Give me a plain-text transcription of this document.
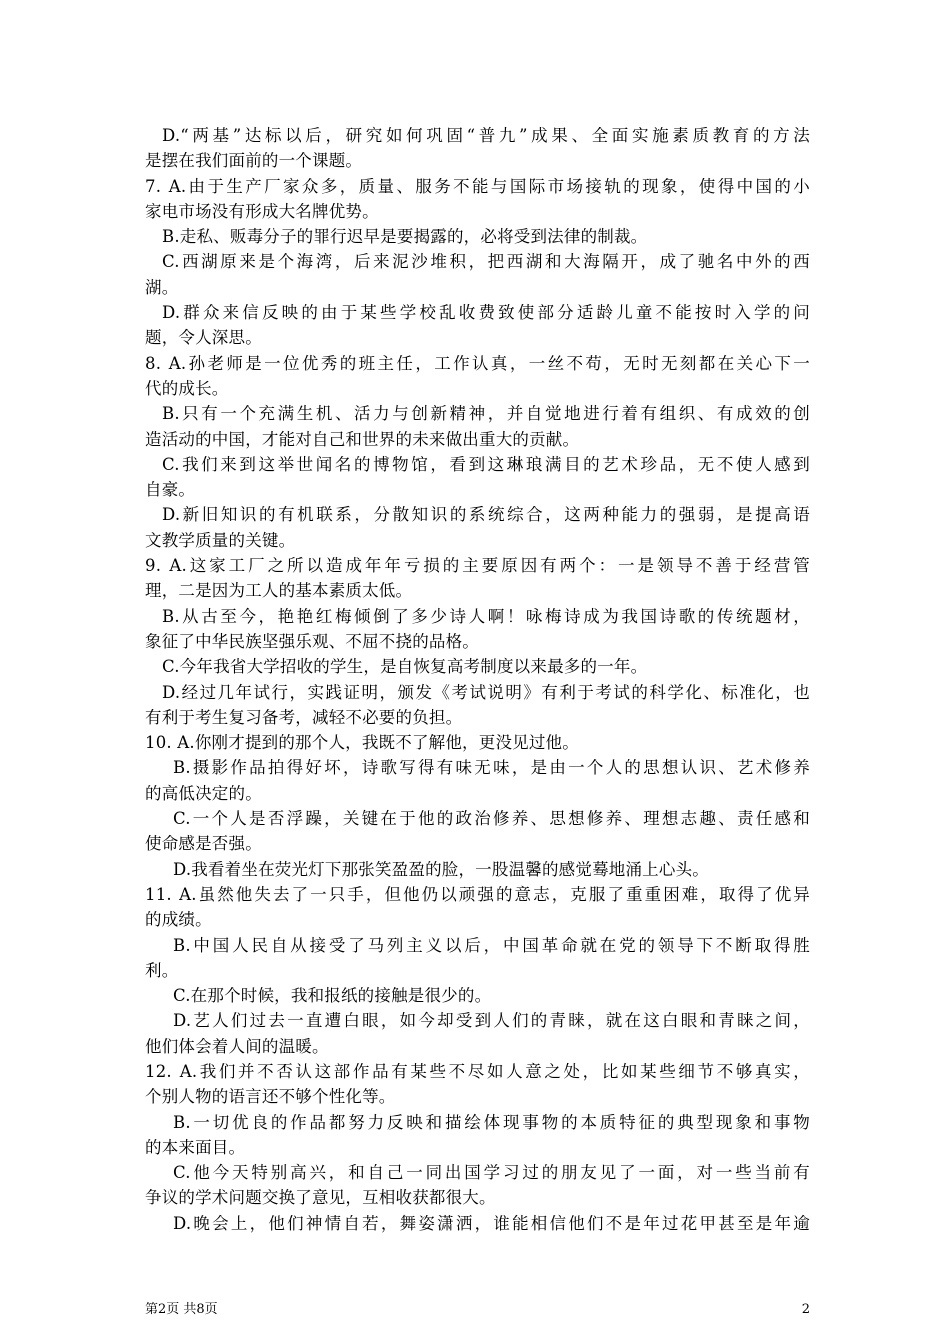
D.“两基”达标以后，研究如何巩固“普九”成果、全面实施素质教育的方法
是摆在我们面前的一个课题。
7. A.由于生产厂家众多，质量、服务不能与国际市场接轨的现象，使得中国的小
家电市场没有形成大名牌优势。
B.走私、贩毒分子的罪行迟早是要揭露的，必将受到法律的制裁。
C.西湖原来是个海湾，后来泥沙堆积，把西湖和大海隔开，成了驰名中外的西
湖。
D.群众来信反映的由于某些学校乱收费致使部分适龄儿童不能按时入学的问
题，令人深思。
8. A.孙老师是一位优秀的班主任，工作认真，一丝不苟，无时无刻都在关心下一
代的成长。
B.只有一个充满生机、活力与创新精神，并自觉地进行着有组织、有成效的创
造活动的中国，才能对自己和世界的未来做出重大的贡献。
C.我们来到这举世闻名的博物馆，看到这琳琅满目的艺术珍品，无不使人感到
自豪。
D.新旧知识的有机联系，分散知识的系统综合，这两种能力的强弱，是提高语
文教学质量的关键。
9. A.这家工厂之所以造成年年亏损的主要原因有两个：一是领导不善于经营管
理，二是因为工人的基本素质太低。
B.从古至今，艳艳红梅倾倒了多少诗人啊！咏梅诗成为我国诗歌的传统题材，
象征了中华民族坚强乐观、不屈不挠的品格。
C.今年我省大学招收的学生，是自恢复高考制度以来最多的一年。
D.经过几年试行，实践证明，颁发《考试说明》有利于考试的科学化、标准化，也
有利于考生复习备考，减轻不必要的负担。
10. A.你刚才提到的那个人，我既不了解他，更没见过他。
B.摄影作品拍得好坏，诗歌写得有味无味，是由一个人的思想认识、艺术修养
的高低决定的。
C.一个人是否浮躁，关键在于他的政治修养、思想修养、理想志趣、责任感和
使命感是否强。
D.我看着坐在荧光灯下那张笑盈盈的脸，一股温馨的感觉蓦地涌上心头。
11. A.虽然他失去了一只手，但他仍以顽强的意志，克服了重重困难，取得了优异
的成绩。
B.中国人民自从接受了马列主义以后，中国革命就在党的领导下不断取得胜
利。
C.在那个时候，我和报纸的接触是很少的。
D.艺人们过去一直遭白眼，如今却受到人们的青睐，就在这白眼和青睐之间，
他们体会着人间的温暖。
12. A.我们并不否认这部作品有某些不尽如人意之处，比如某些细节不够真实，
个别人物的语言还不够个性化等。
B.一切优良的作品都努力反映和描绘体现事物的本质特征的典型现象和事物
的本来面目。
C.他今天特别高兴，和自己一同出国学习过的朋友见了一面，对一些当前有
争议的学术问题交换了意见，互相收获都很大。
D.晚会上，他们神情自若，舞姿潇洒，谁能相信他们不是年过花甲甚至是年逾
第2页 共8页	2
